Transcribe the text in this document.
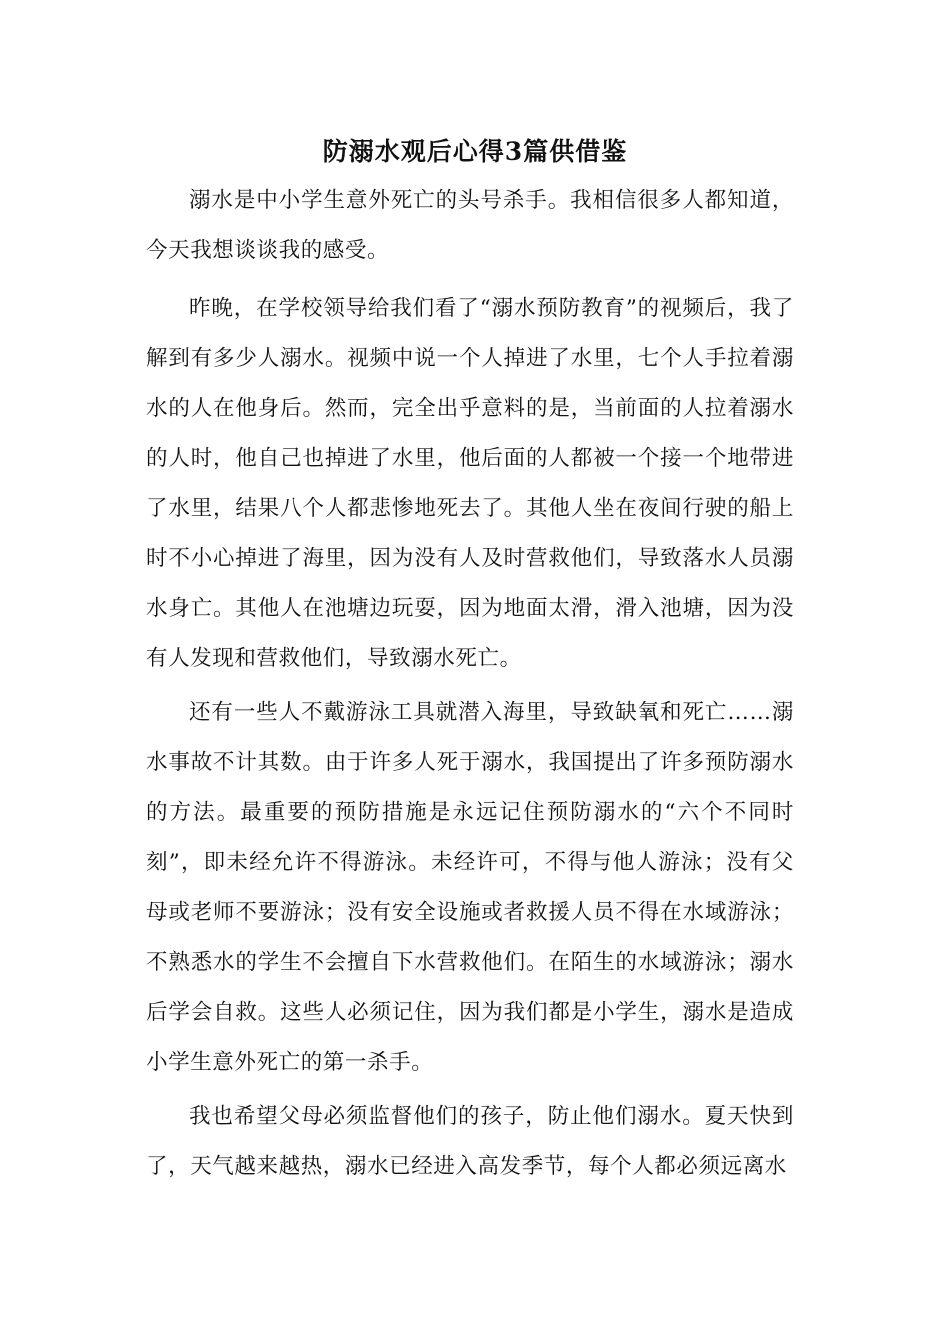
防溺水观后心得3篇供借鉴

溺水是中小学生意外死亡的头号杀手。我相信很多人都知道，今天我想谈谈我的感受。

昨晚，在学校领导给我们看了“溺水预防教育”的视频后，我了解到有多少人溺水。视频中说一个人掉进了水里，七个人手拉着溺水的人在他身后。然而，完全出乎意料的是，当前面的人拉着溺水的人时，他自己也掉进了水里，他后面的人都被一个接一个地带进了水里，结果八个人都悲惨地死去了。其他人坐在夜间行驶的船上时不小心掉进了海里，因为没有人及时营救他们，导致落水人员溺水身亡。其他人在池塘边玩耍，因为地面太滑，滑入池塘，因为没有人发现和营救他们，导致溺水死亡。

还有一些人不戴游泳工具就潜入海里，导致缺氧和死亡……溺水事故不计其数。由于许多人死于溺水，我国提出了许多预防溺水的方法。最重要的预防措施是永远记住预防溺水的“六个不同时刻”，即未经允许不得游泳。未经许可，不得与他人游泳；没有父母或老师不要游泳；没有安全设施或者救援人员不得在水域游泳；不熟悉水的学生不会擅自下水营救他们。在陌生的水域游泳；溺水后学会自救。这些人必须记住，因为我们都是小学生，溺水是造成小学生意外死亡的第一杀手。

我也希望父母必须监督他们的孩子，防止他们溺水。夏天快到了，天气越来越热，溺水已经进入高发季节，每个人都必须远离水
